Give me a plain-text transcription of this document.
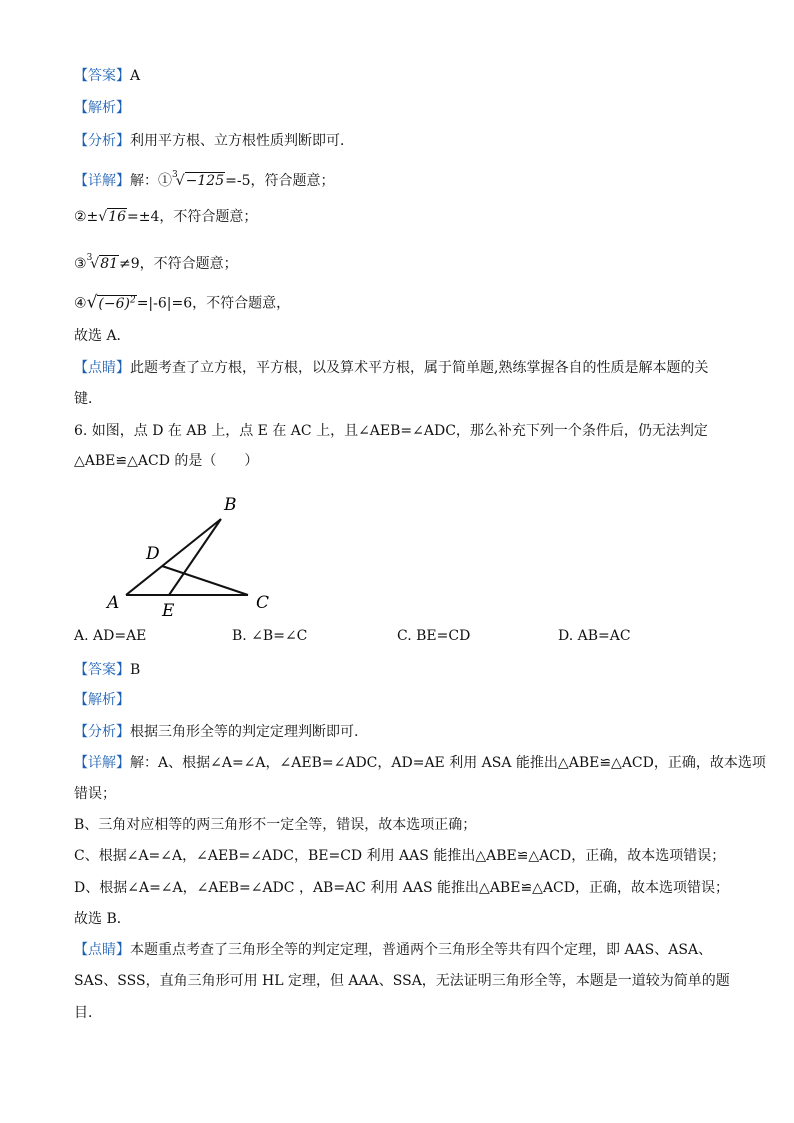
【答案】A
【解析】
【分析】利用平方根、立方根性质判断即可．
【详解】解：①$^3$√−125=-5，符合题意；
②±√16=±4，不符合题意；
③$^3$√81≠9，不符合题意；
$④√(-6)^2=|-6|=6$，不符合题意，
故选 A．
【点睛】此题考查了立方根，平方根，以及算术平方根，属于简单题,熟练掌握各自的性质是解本题的关
键．
6. 如图，点 D 在 AB 上，点 E 在 AC 上，且∠AEB=∠ADC，那么补充下列一个条件后，仍无法判定
△ABE≌△ACD 的是（　　）
A
B
C
D
E
A. AD=AE	B. ∠B=∠C	C. BE=CD	D. AB=AC
【答案】B
【解析】
【分析】根据三角形全等的判定定理判断即可.
【详解】解：A、根据∠A=∠A，∠AEB=∠ADC，AD=AE 利用 ASA 能推出△ABE≌△ACD，正确，故本选项
错误；
B、三角对应相等的两三角形不一定全等，错误，故本选项正确；
C、根据∠A=∠A，∠AEB=∠ADC，BE=CD 利用 AAS 能推出△ABE≌△ACD，正确，故本选项错误；
D、根据∠A=∠A，∠AEB=∠ADC ，AB=AC 利用 AAS 能推出△ABE≌△ACD，正确，故本选项错误；
故选 B．
【点睛】本题重点考查了三角形全等的判定定理，普通两个三角形全等共有四个定理，即 AAS、ASA、
SAS、SSS，直角三角形可用 HL 定理，但 AAA、SSA，无法证明三角形全等，本题是一道较为简单的题
目．
